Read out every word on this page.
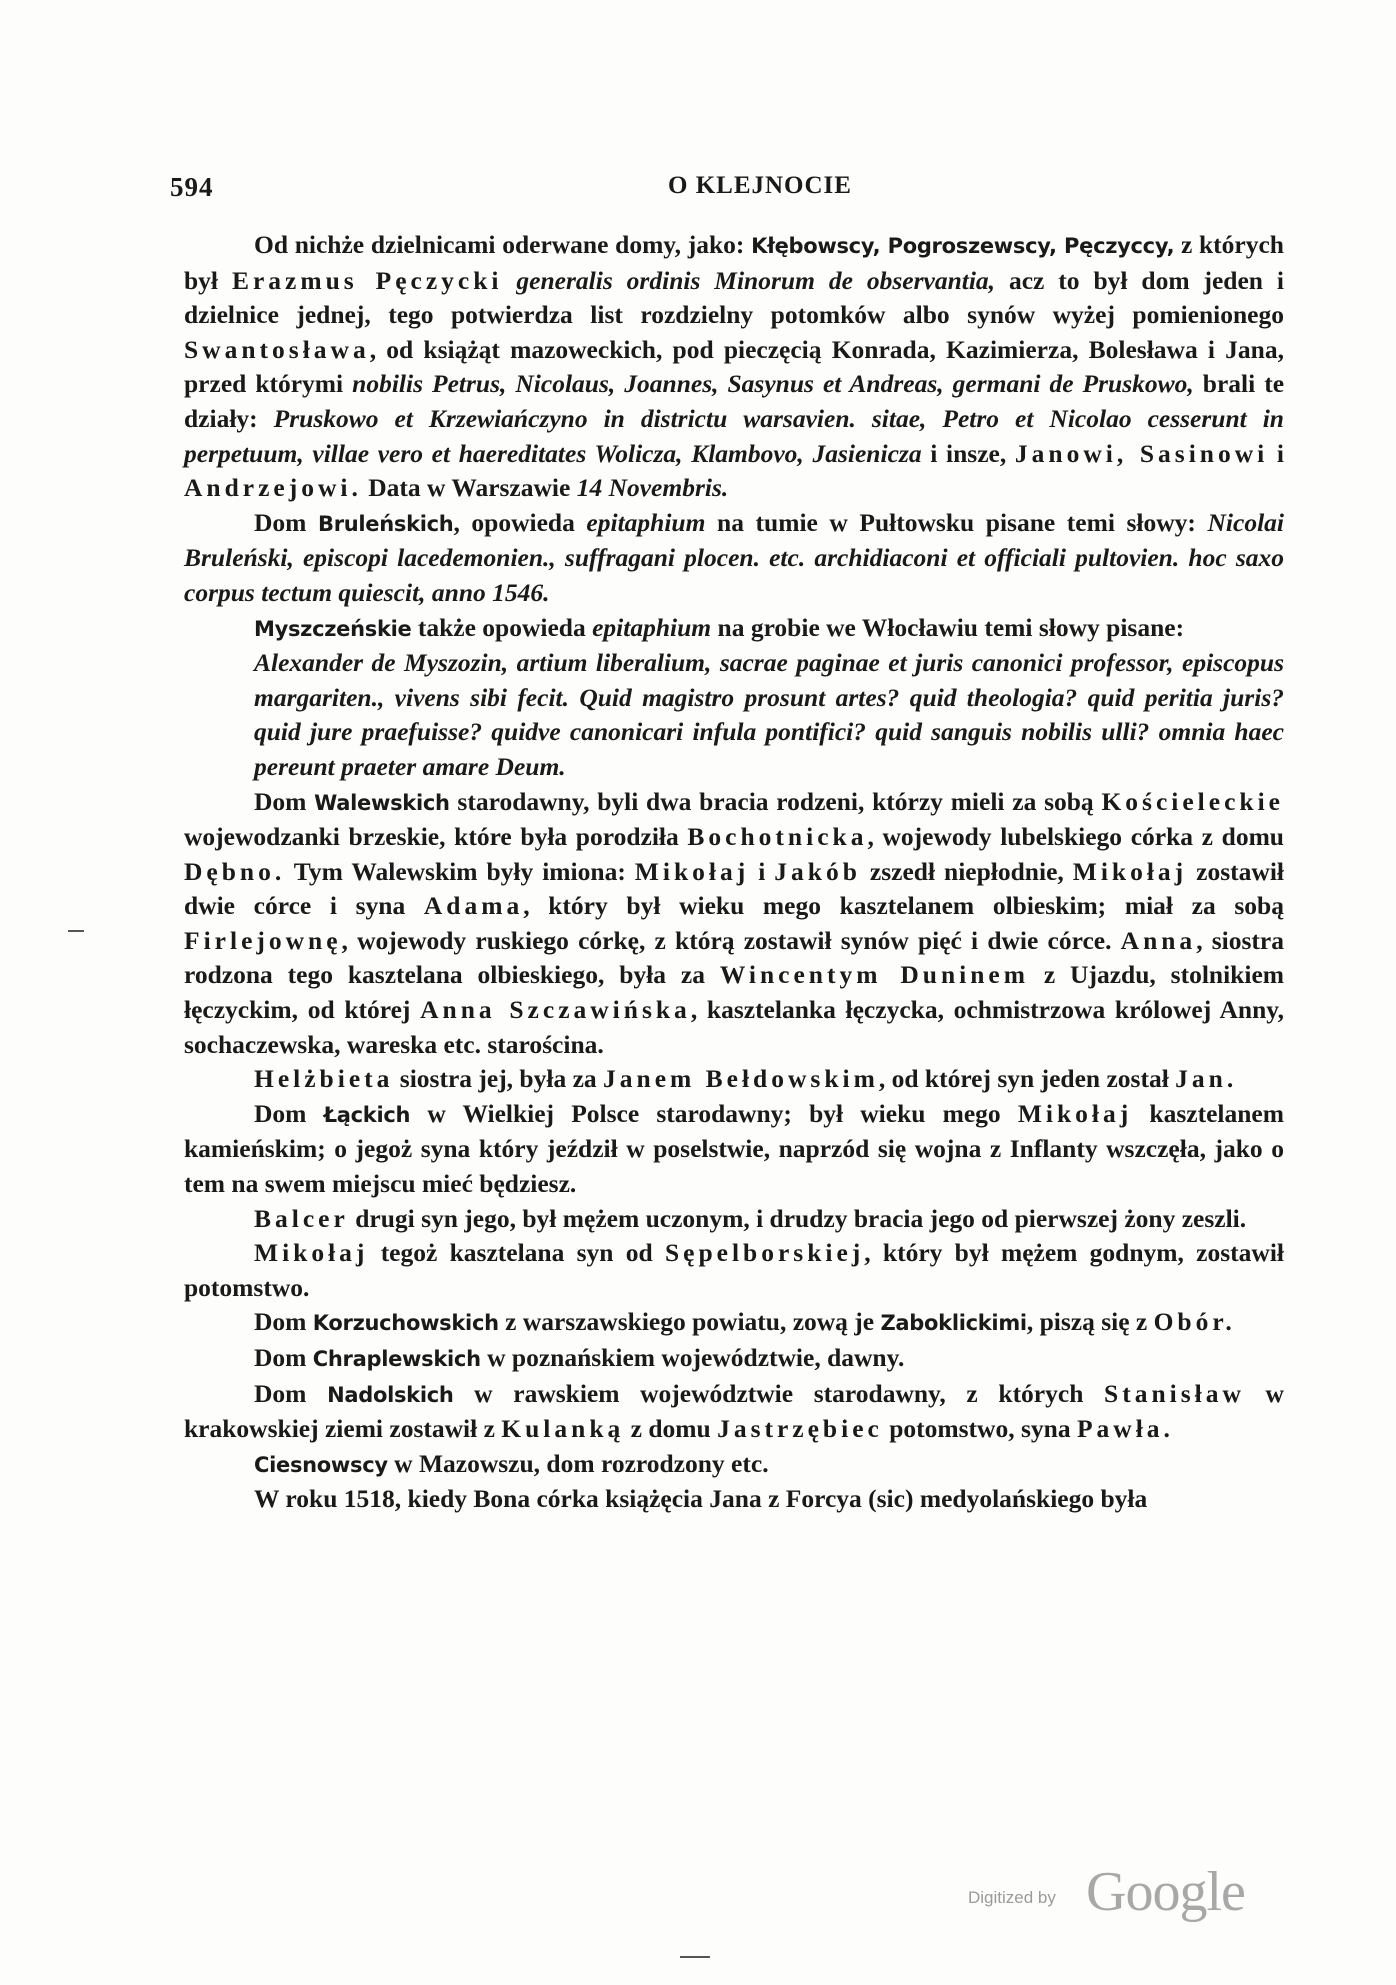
594	O KLEJNOCIE

Od nichże dzielnicami oderwane domy, jako: Kłębowscy, Pogroszewscy, Pęczyccy, z których był Erazmus Pęczycki generalis ordinis Minorum de observantia, acz to był dom jeden i dzielnice jednej, tego potwierdza list rozdzielny potomków albo synów wyżej pomienionego Swantosława, od książąt mazoweckich, pod pieczęcią Konrada, Kazimierza, Bolesława i Jana, przed którymi nobilis Petrus, Nicolaus, Joannes, Sasynus et Andreas, germani de Pruskowo, brali te działy: Pruskowo et Krzewiańczyno in districtu warsavien. sitae, Petro et Nicolao cesserunt in perpetuum, villae vero et haereditates Wolicza, Klambovo, Jasienicza i insze, Janowi, Sasinowi i Andrzejowi. Data w Warszawie 14 Novembris.

Dom Bruleńskich, opowieda epitaphium na tumie w Pułtowsku pisane temi słowy: Nicolai Bruleński, episcopi lacedemonien., suffragani plocen. etc. archidiaconi et officiali pultovien. hoc saxo corpus tectum quiescit, anno 1546.

Myszczeńskie także opowieda epitaphium na grobie we Włocławiu temi słowy pisane:

Alexander de Myszozin, artium liberalium, sacrae paginae et juris canonici professor, episcopus margariten., vivens sibi fecit. Quid magistro prosunt artes? quid theologia? quid peritia juris? quid jure praefuisse? quidve canonicari infula pontifici? quid sanguis nobilis ulli? omnia haec pereunt praeter amare Deum.

Dom Walewskich starodawny, byli dwa bracia rodzeni, którzy mieli za sobą Kościeleckie wojewodzanki brzeskie, które była porodziła Bochotnicka, wojewody lubelskiego córka z domu Dębno. Tym Walewskim były imiona: Mikołaj i Jakób zszedł niepłodnie, Mikołaj zostawił dwie córce i syna Adama, który był wieku mego kasztelanem olbieskim; miał za sobą Firlejownę, wojewody ruskiego córkę, z którą zostawił synów pięć i dwie córce. Anna, siostra rodzona tego kasztelana olbieskiego, była za Wincentym Duninem z Ujazdu, stolnikiem łęczyckim, od której Anna Szczawińska, kasztelanka łęczycka, ochmistrzowa królowej Anny, sochaczewska, wareska etc. starościna.

Helżbieta siostra jej, była za Janem Bełdowskim, od której syn jeden został Jan.

Dom Łąckich w Wielkiej Polsce starodawny; był wieku mego Mikołaj kasztelanem kamieńskim; o jegoż syna który jeździł w poselstwie, naprzód się wojna z Inflanty wszczęła, jako o tem na swem miejscu mieć będziesz.

Balcer drugi syn jego, był mężem uczonym, i drudzy bracia jego od pierwszej żony zeszli.

Mikołaj tegoż kasztelana syn od Sępelborskiej, który był mężem godnym, zostawił potomstwo.

Dom Korzuchowskich z warszawskiego powiatu, zową je Zaboklickimi, piszą się z Obór.

Dom Chraplewskich w poznańskiem województwie, dawny.

Dom Nadolskich w rawskiem województwie starodawny, z których Stanisław w krakowskiej ziemi zostawił z Kulanką z domu Jastrzębiec potomstwo, syna Pawła.

Ciesnowscy w Mazowszu, dom rozrodzony etc.

W roku 1518, kiedy Bona córka książęcia Jana z Forcya (sic) medyolańskiego była

Digitized by Google
